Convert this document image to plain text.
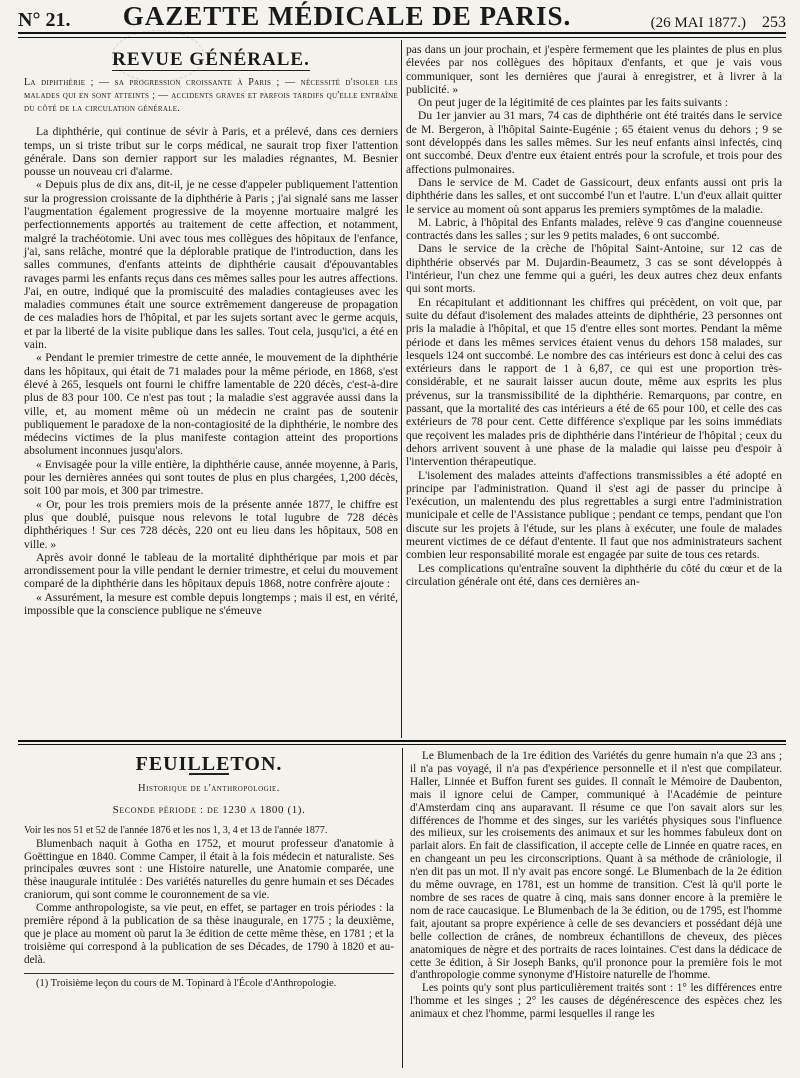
N° 21.	GAZETTE MÉDICALE DE PARIS.	(26 MAI 1877.)	253
REVUE GÉNÉRALE.
La diphthérie ; — sa progression croissante à Paris ; — nécessité d'isoler les malades qui en sont atteints ; — accidents graves et parfois tardifs qu'elle entraîne du côté de la circulation générale.

La diphthérie, qui continue de sévir à Paris, et a prélevé, dans ces derniers temps, un si triste tribut sur le corps médical, ne saurait trop fixer l'attention générale. Dans son dernier rapport sur les maladies régnantes, M. Besnier pousse un nouveau cri d'alarme.

« Depuis plus de dix ans, dit-il, je ne cesse d'appeler publiquement l'attention sur la progression croissante de la diphthérie à Paris ; j'ai signalé sans me lasser l'augmentation également progressive de la moyenne mortuaire malgré les perfectionnements apportés au traitement de cette affection, et notamment, malgré la trachéotomie. Uni avec tous mes collègues des hôpitaux de l'enfance, j'ai, sans relâche, montré que la déplorable pratique de l'introduction, dans les salles communes, d'enfants atteints de diphthérie causait d'épouvantables ravages parmi les enfants reçus dans ces mêmes salles pour les autres affections. J'ai, en outre, indiqué que la promiscuité des maladies contagieuses avec les maladies communes était une source extrêmement dangereuse de propagation de ces maladies hors de l'hôpital, et par les sujets sortant avec le germe acquis, et par la liberté de la visite publique dans les salles. Tout cela, jusqu'ici, a été en vain.

« Pendant le premier trimestre de cette année, le mouvement de la diphthérie dans les hôpitaux, qui était de 71 malades pour la même période, en 1868, s'est élevé à 265, lesquels ont fourni le chiffre lamentable de 220 décès, c'est-à-dire plus de 83 pour 100. Ce n'est pas tout ; la maladie s'est aggravée aussi dans la ville, et, au moment même où un médecin ne craint pas de soutenir publiquement le paradoxe de la non-contagiosité de la diphthérie, le nombre des médecins victimes de la plus manifeste contagion atteint des proportions absolument inconnues jusqu'alors.

« Envisagée pour la ville entière, la diphthérie cause, année moyenne, à Paris, pour les dernières années qui sont toutes de plus en plus chargées, 1,200 décès, soit 100 par mois, et 300 par trimestre.

« Or, pour les trois premiers mois de la présente année 1877, le chiffre est plus que doublé, puisque nous relevons le total lugubre de 728 décès diphthériques ! Sur ces 728 décès, 220 ont eu lieu dans les hôpitaux, 508 en ville. »

Après avoir donné le tableau de la mortalité diphthérique par mois et par arrondissement pour la ville pendant le dernier trimestre, et celui du mouvement comparé de la diphthérie dans les hôpitaux depuis 1868, notre confrère ajoute :

« Assurément, la mesure est comble depuis longtemps ; mais il est, en vérité, impossible que la conscience publique ne s'émeuve

pas dans un jour prochain, et j'espère fermement que les plaintes de plus en plus élevées par nos collègues des hôpitaux d'enfants, et que je vais vous communiquer, sont les dernières que j'aurai à enregistrer, et à livrer à la publicité. »

On peut juger de la légitimité de ces plaintes par les faits suivants :

Du 1er janvier au 31 mars, 74 cas de diphthérie ont été traités dans le service de M. Bergeron, à l'hôpital Sainte-Eugénie ; 65 étaient venus du dehors ; 9 se sont développés dans les salles mêmes. Sur les neuf enfants ainsi infectés, cinq ont succombé. Deux d'entre eux étaient entrés pour la scrofule, et trois pour des affections pulmonaires.

Dans le service de M. Cadet de Gassicourt, deux enfants aussi ont pris la diphthérie dans les salles, et ont succombé l'un et l'autre. L'un d'eux allait quitter le service au moment où sont apparus les premiers symptômes de la maladie.

M. Labric, à l'hôpital des Enfants malades, relève 9 cas d'angine couenneuse contractés dans les salles ; sur les 9 petits malades, 6 ont succombé.

Dans le service de la crèche de l'hôpital Saint-Antoine, sur 12 cas de diphthérie observés par M. Dujardin-Beaumetz, 3 cas se sont développés à l'intérieur, l'un chez une femme qui a guéri, les deux autres chez deux enfants qui sont morts.

En récapitulant et additionnant les chiffres qui précèdent, on voit que, par suite du défaut d'isolement des malades atteints de diphthérie, 23 personnes ont pris la maladie à l'hôpital, et que 15 d'entre elles sont mortes. Pendant la même période et dans les mêmes services étaient venus du dehors 158 malades, sur lesquels 124 ont succombé. Le nombre des cas intérieurs est donc à celui des cas extérieurs dans le rapport de 1 à 6,87, ce qui est une proportion très-considérable, et ne saurait laisser aucun doute, même aux esprits les plus prévenus, sur la transmissibilité de la diphthérie. Remarquons, par contre, en passant, que la mortalité des cas intérieurs a été de 65 pour 100, et celle des cas extérieurs de 78 pour cent. Cette différence s'explique par les soins immédiats que reçoivent les malades pris de diphthérie dans l'intérieur de l'hôpital ; ceux du dehors arrivent souvent à une phase de la maladie qui laisse peu d'espoir à l'intervention thérapeutique.

L'isolement des malades atteints d'affections transmissibles a été adopté en principe par l'administration. Quand il s'est agi de passer du principe à l'exécution, un malentendu des plus regrettables a surgi entre l'administration municipale et celle de l'Assistance publique ; pendant ce temps, pendant que l'on discute sur les projets à l'étude, sur les plans à exécuter, une foule de malades meurent victimes de ce défaut d'entente. Il faut que nos administrateurs sachent combien leur responsabilité morale est engagée par suite de tous ces retards.

Les complications qu'entraîne souvent la diphthérie du côté du cœur et de la circulation générale ont été, dans ces dernières an-

FEUILLETON.
Historique de l'anthropologie.
Seconde période : de 1230 a 1800 (1).

Voir les nos 51 et 52 de l'année 1876 et les nos 1, 3, 4 et 13 de l'année 1877.

Blumenbach naquit à Gotha en 1752, et mourut professeur d'anatomie à Goëttingue en 1840. Comme Camper, il était à la fois médecin et naturaliste. Ses principales œuvres sont : une Histoire naturelle, une Anatomie comparée, une thèse inaugurale intitulée : Des variétés naturelles du genre humain et ses Décades craniorum, qui sont comme le couronnement de sa vie.

Comme anthropologiste, sa vie peut, en effet, se partager en trois périodes : la première répond à la publication de sa thèse inaugurale, en 1775 ; la deuxième, que je place au moment où parut la 3e édition de cette même thèse, en 1781 ; et la troisième qui correspond à la publication de ses Décades, de 1790 à 1820 et au-delà.

(1) Troisième leçon du cours de M. Topinard à l'École d'Anthropologie.

Le Blumenbach de la 1re édition des Variétés du genre humain n'a que 23 ans ; il n'a pas voyagé, il n'a pas d'expérience personnelle et il n'est que compilateur. Haller, Linnée et Buffon furent ses guides. Il connaît le Mémoire de Daubenton, mais il ignore celui de Camper, communiqué à l'Académie de peinture d'Amsterdam cinq ans auparavant. Il résume ce que l'on savait alors sur les différences de l'homme et des singes, sur les variétés physiques sous l'influence des milieux, sur les croisements des animaux et sur les hommes fabuleux dont on parlait alors. En fait de classification, il accepte celle de Linnée en quatre races, en en changeant un peu les circonscriptions. Quant à sa méthode de crâniologie, il n'en dit pas un mot. Il n'y avait pas encore songé. Le Blumenbach de la 2e édition du même ouvrage, en 1781, est un homme de transition. C'est là qu'il porte le nombre de ses races de quatre à cinq, mais sans donner encore à la première le nom de race caucasique. Le Blumenbach de la 3e édition, ou de 1795, est l'homme fait, ajoutant sa propre expérience à celle de ses devanciers et possédant déjà une belle collection de crânes, de nombreux échantillons de cheveux, des pièces anatomiques de nègre et des portraits de races lointaines. C'est dans la dédicace de cette 3e édition, à Sir Joseph Banks, qu'il prononce pour la première fois le mot d'anthropologie comme synonyme d'Histoire naturelle de l'homme.

Les points qu'y sont plus particulièrement traités sont : 1° les différences entre l'homme et les singes ; 2° les causes de dégénérescence des espèces chez les animaux et chez l'homme, parmi lesquelles il range les
